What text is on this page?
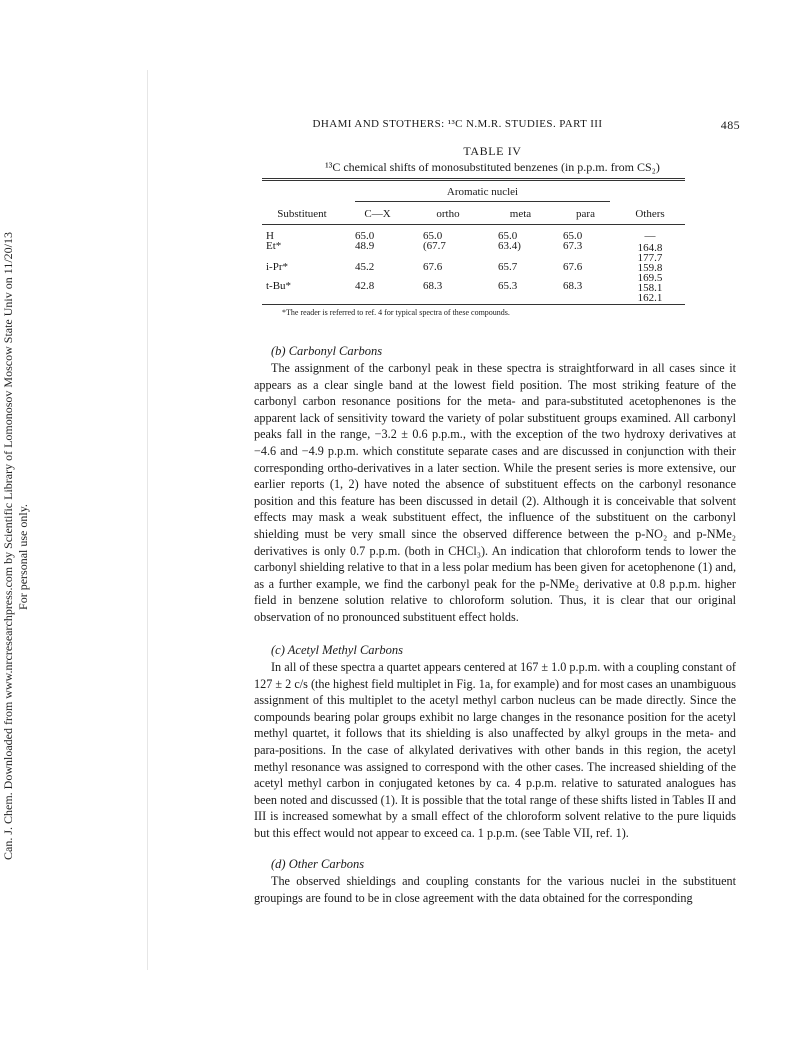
Can. J. Chem. Downloaded from www.nrcresearchpress.com by Scientific Library of Lomonosov Moscow State Univ on 11/20/13 For personal use only.
DHAMI AND STOTHERS: ¹³C N.M.R. STUDIES. PART III	485
TABLE IV
¹³C chemical shifts of monosubstituted benzenes (in p.p.m. from CS₂)
Aromatic nuclei
Substituent	C—X	ortho	meta	para	Others
H	65.0	65.0	65.0	65.0	—
Et*	48.9	(67.7	63.4)	67.3	164.8
177.7
i-Pr*	45.2	67.6	65.7	67.6	159.8
169.5
t-Bu*	42.8	68.3	65.3	68.3	158.1
162.1
*The reader is referred to ref. 4 for typical spectra of these compounds.
(b) Carbonyl Carbons

The assignment of the carbonyl peak in these spectra is straightforward in all cases since it appears as a clear single band at the lowest field position. The most striking feature of the carbonyl carbon resonance positions for the meta- and para-substituted acetophenones is the apparent lack of sensitivity toward the variety of polar substituent groups examined. All carbonyl peaks fall in the range, −3.2 ± 0.6 p.p.m., with the exception of the two hydroxy derivatives at −4.6 and −4.9 p.p.m. which constitute separate cases and are discussed in conjunction with their corresponding ortho-derivatives in a later section. While the present series is more extensive, our earlier reports (1, 2) have noted the absence of substituent effects on the carbonyl resonance position and this feature has been discussed in detail (2). Although it is conceivable that solvent effects may mask a weak substituent effect, the influence of the substituent on the carbonyl shielding must be very small since the observed difference between the p-NO₂ and p-NMe₂ derivatives is only 0.7 p.p.m. (both in CHCl₃). An indication that chloroform tends to lower the carbonyl shielding relative to that in a less polar medium has been given for acetophenone (1) and, as a further example, we find the carbonyl peak for the p-NMe₂ derivative at 0.8 p.p.m. higher field in benzene solution relative to chloroform solution. Thus, it is clear that our original observation of no pronounced substituent effect holds.

(c) Acetyl Methyl Carbons

In all of these spectra a quartet appears centered at 167 ± 1.0 p.p.m. with a coupling constant of 127 ± 2 c/s (the highest field multiplet in Fig. 1a, for example) and for most cases an unambiguous assignment of this multiplet to the acetyl methyl carbon nucleus can be made directly. Since the compounds bearing polar groups exhibit no large changes in the resonance position for the acetyl methyl quartet, it follows that its shielding is also unaffected by alkyl groups in the meta- and para-positions. In the case of alkylated derivatives with other bands in this region, the acetyl methyl resonance was assigned to correspond with the other cases. The increased shielding of the acetyl methyl carbon in conjugated ketones by ca. 4 p.p.m. relative to saturated analogues has been noted and discussed (1). It is possible that the total range of these shifts listed in Tables II and III is increased somewhat by a small effect of the chloroform solvent relative to the pure liquids but this effect would not appear to exceed ca. 1 p.p.m. (see Table VII, ref. 1).

(d) Other Carbons

The observed shieldings and coupling constants for the various nuclei in the substituent groupings are found to be in close agreement with the data obtained for the corresponding
